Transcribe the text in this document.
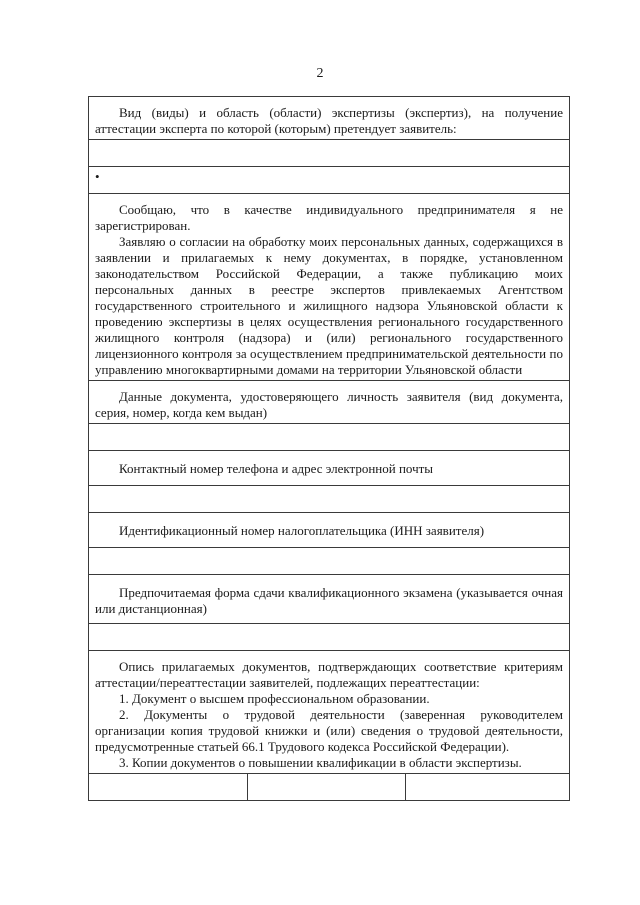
2
Вид (виды) и область (области) экспертизы (экспертиз), на получение аттестации эксперта по которой (которым) претендует заявитель:

•

Сообщаю, что в качестве индивидуального предпринимателя я не зарегистрирован.

Заявляю о согласии на обработку моих персональных данных, содержащихся в заявлении и прилагаемых к нему документах, в порядке, установленном законодательством Российской Федерации, а также публикацию моих персональных данных в реестре экспертов привлекаемых Агентством государственного строительного и жилищного надзора Ульяновской области к проведению экспертизы в целях осуществления регионального государственного жилищного контроля (надзора) и (или) регионального государственного лицензионного контроля за осуществлением предпринимательской деятельности по управлению многоквартирными домами на территории Ульяновской области

Данные документа, удостоверяющего личность заявителя (вид документа, серия, номер, когда кем выдан)

Контактный номер телефона и адрес электронной почты

Идентификационный номер налогоплательщика (ИНН заявителя)

Предпочитаемая форма сдачи квалификационного экзамена (указывается очная или дистанционная)

Опись прилагаемых документов, подтверждающих соответствие критериям аттестации/переаттестации заявителей, подлежащих переаттестации:

1. Документ о высшем профессиональном образовании.

2. Документы о трудовой деятельности (заверенная руководителем организации копия трудовой книжки и (или) сведения о трудовой деятельности, предусмотренные статьей 66.1 Трудового кодекса Российской Федерации).

3. Копии документов о повышении квалификации в области экспертизы.
